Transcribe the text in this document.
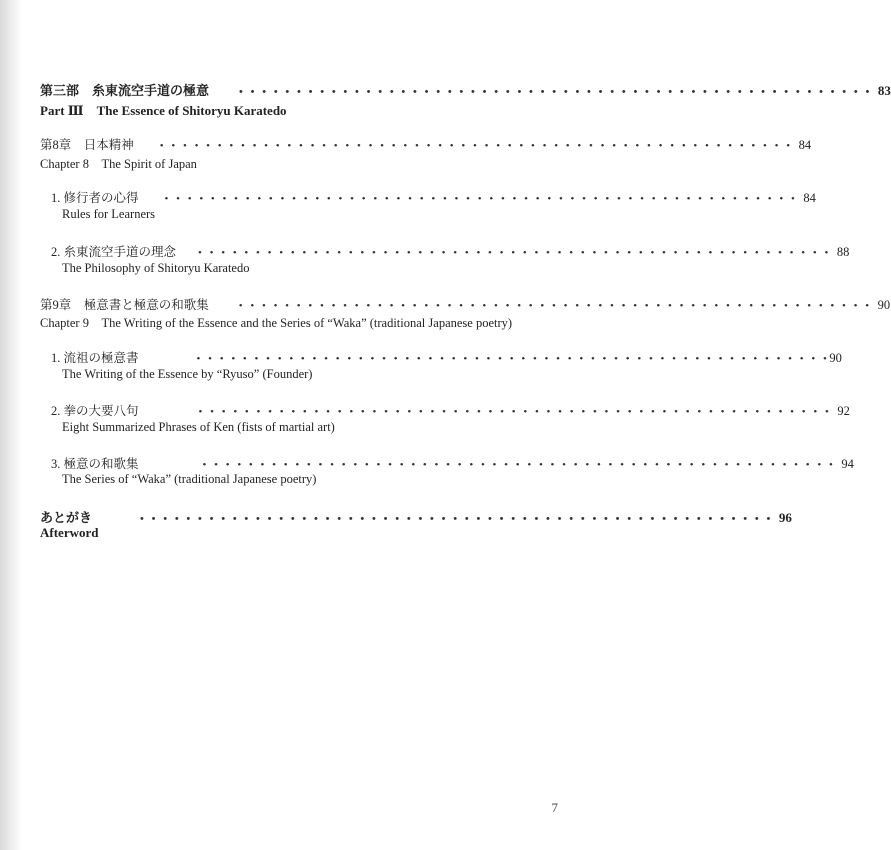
第三部　糸東流空手道の極意	• • • • • • • • • • • • • • • • • • • • • • • • • • • • • • • • • • • • • • • • • • • • • • • • • • • • • • • 83
Part Ⅲ　The Essence of Shitoryu Karatedo
第8章　日本精神 • • • • • • • • • • • • • • • • • • • • • • • • • • • • • • • • • • • • • • • • • • • • • • • • • • • • • • • 84
Chapter 8　The Spirit of Japan
1. 修行者の心得 • • • • • • • • • • • • • • • • • • • • • • • • • • • • • • • • • • • • • • • • • • • • • • • • • • • • • • • 84
Rules for Learners
2. 糸東流空手道の理念 • • • • • • • • • • • • • • • • • • • • • • • • • • • • • • • • • • • • • • • • • • • • • • • • • • • • • • • 88
The Philosophy of Shitoryu Karatedo
第9章　極意書と極意の和歌集	• • • • • • • • • • • • • • • • • • • • • • • • • • • • • • • • • • • • • • • • • • • • • • • • • • • • • • • 90
Chapter 9　The Writing of the Essence and the Series of “Waka” (traditional Japanese poetry)
1. 流祖の極意書	• • • • • • • • • • • • • • • • • • • • • • • • • • • • • • • • • • • • • • • • • • • • • • • • • • • • • • • 90
The Writing of the Essence by “Ryuso” (Founder)
2. 拳の大要八句	• • • • • • • • • • • • • • • • • • • • • • • • • • • • • • • • • • • • • • • • • • • • • • • • • • • • • • • 92
Eight Summarized Phrases of Ken (fists of martial art)
3. 極意の和歌集	• • • • • • • • • • • • • • • • • • • • • • • • • • • • • • • • • • • • • • • • • • • • • • • • • • • • • • • 94
The Series of “Waka” (traditional Japanese poetry)
あとがき	• • • • • • • • • • • • • • • • • • • • • • • • • • • • • • • • • • • • • • • • • • • • • • • • • • • • • • • 96
Afterword
7
